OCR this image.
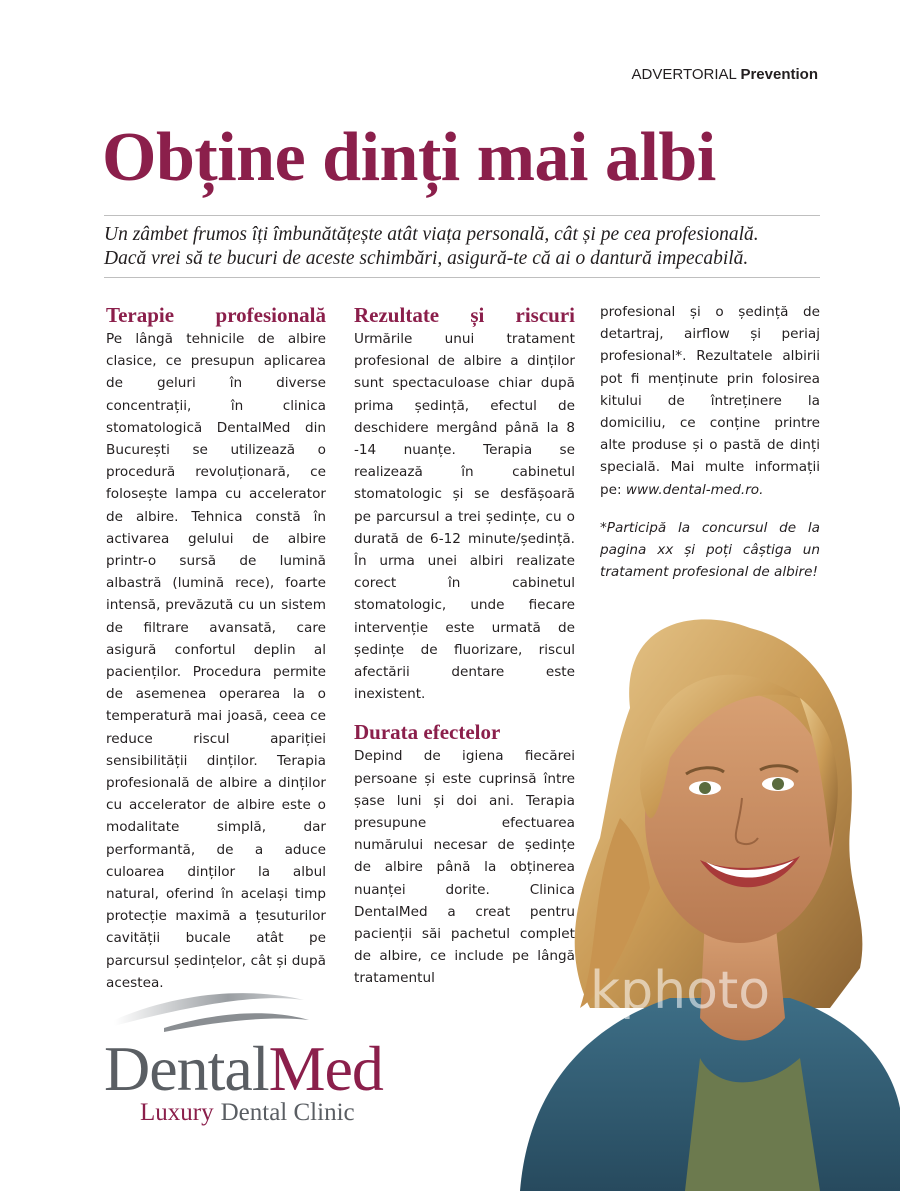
ADVERTORIAL Prevention
Obține dinți mai albi
Un zâmbet frumos îți îmbunătățește atât viața personală, cât și pe cea profesională.
Dacă vrei să te bucuri de aceste schimbări, asigură-te că ai o dantură impecabilă.
Terapie profesională

Pe lângă tehnicile de albire clasice, ce presupun aplicarea de geluri în diverse concentrații, în clinica stomatologică DentalMed din București se utilizează o procedură revoluționară, ce folosește lampa cu accelerator de albire. Tehnica constă în activarea gelului de albire printr-o sursă de lumină albastră (lumină rece), foarte intensă, prevăzută cu un sistem de filtrare avansată, care asigură confortul deplin al pacienților. Procedura permite de asemenea operarea la o temperatură mai joasă, ceea ce reduce riscul apariției sensibilității dinților. Terapia profesională de albire a dinților cu accelerator de albire este o modalitate simplă, dar performantă, de a aduce culoarea dinților la albul natural, oferind în același timp protecție maximă a țesuturilor cavității bucale atât pe parcursul ședințelor, cât și după acestea.

Rezultate și riscuri

Urmările unui tratament profesional de albire a dinților sunt spectaculoase chiar după prima ședință, efectul de deschidere mergând până la 8 -14 nuanțe. Terapia se realizează în cabinetul stomatologic și se desfășoară pe parcursul a trei ședințe, cu o durată de 6-12 minute/ședință. În urma unei albiri realizate corect în cabinetul stomatologic, unde fiecare intervenție este urmată de ședințe de fluorizare, riscul afectării dentare este inexistent.

Durata efectelor

Depind de igiena fiecărei persoane și este cuprinsă între șase luni și doi ani. Terapia presupune efectuarea numărului necesar de ședințe de albire până la obținerea nuanței dorite. Clinica DentalMed a creat pentru pacienții săi pachetul complet de albire, ce include pe lângă tratamentul

profesional și o ședință de detartraj, airflow și periaj profesional*. Rezultatele albirii pot fi menținute prin folosirea kitului de întreținere la domiciliu, ce conține printre alte produse și o pastă de dinți specială. Mai multe informații pe: www.dental-med.ro.

*Participă la concursul de la pagina xx și poți câștiga un tratament profesional de albire!

kphoto
DentalMed
Luxury Dental Clinic
